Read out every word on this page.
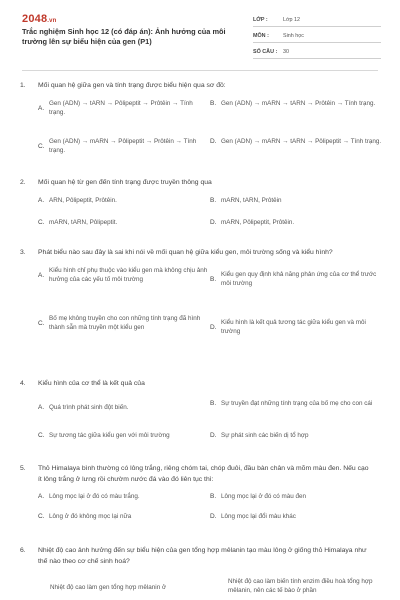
2048.vn
Trắc nghiệm Sinh học 12 (có đáp án): Ảnh hưởng của môi trường lên sự biểu hiện của gen (P1)
LỚP :	Lớp 12
MÔN :	Sinh học
SỐ CÂU :	30
1.	Mối quan hệ giữa gen và tính trạng được biểu hiện qua sơ đồ:
A.
Gen (ADN) → tARN → Pôlipeptit → Prôtêin → Tính trạng.
B. Gen (ADN) → mARN → tARN → Prôtêin → Tính trạng.
C.
Gen (ADN) → mARN → Pôlipeptit → Prôtêin → Tính trạng.
D. Gen (ADN) → mARN → tARN → Pôlipeptit → Tính trạng.
2.	Mối quan hệ từ gen đến tính trạng được truyền thông qua
A. ARN, Pôlipeptit, Prôtêin.	B. mARN, tARN, Prôtêin
C. mARN, tARN, Pôlipeptit.	D. mARN, Pôlipeptit, Prôtêin.
3.	Phát biểu nào sau đây là sai khi nói về mối quan hệ giữa kiểu gen, môi trường sống và kiểu hình?
A.
Kiểu hình chỉ phụ thuộc vào kiểu gen mà không chịu ảnh hưởng của các yếu tố môi trường	B.
Kiểu gen quy định khả năng phản ứng của cơ thể trước môi trường
C.
Bố mẹ không truyền cho con những tính trạng đã hình thành sẵn mà truyền một kiểu gen	D.
Kiểu hình là kết quả tương tác giữa kiểu gen và môi trường
4.	Kiểu hình của cơ thể là kết quả của
A. Quá trình phát sinh đột biến.
B. Sự truyền đạt những tính trạng của bố mẹ cho con cái
C. Sự tương tác giữa kiểu gen với môi trường	D. Sự phát sinh các biến dị tổ hợp
5.	Thỏ Himalaya bình thường có lông trắng, riêng chóm tai, chóp đuôi, đầu bàn chân và mõm màu đen. Nếu cạo ít lông trắng ở lưng rồi chườm nước đá vào đó liên tục thì:
A. Lông mọc lại ở đó có màu trắng.	B. Lông mọc lại ở đó có màu đen
C. Lông ở đó không mọc lại nữa	D. Lông mọc lại đổi màu khác
6.	Nhiệt độ cao ảnh hưởng đến sự biểu hiện của gen tổng hợp mêlanin tạo màu lông ở giống thỏ Himalaya như thế nào theo cơ chế sinh hoá?
Nhiệt độ cao làm gen tổng hợp mêlanin ở
Nhiệt độ cao làm biến tính enzim điều hoà tổng hợp mêlanin, nên các tế bào ở phần
